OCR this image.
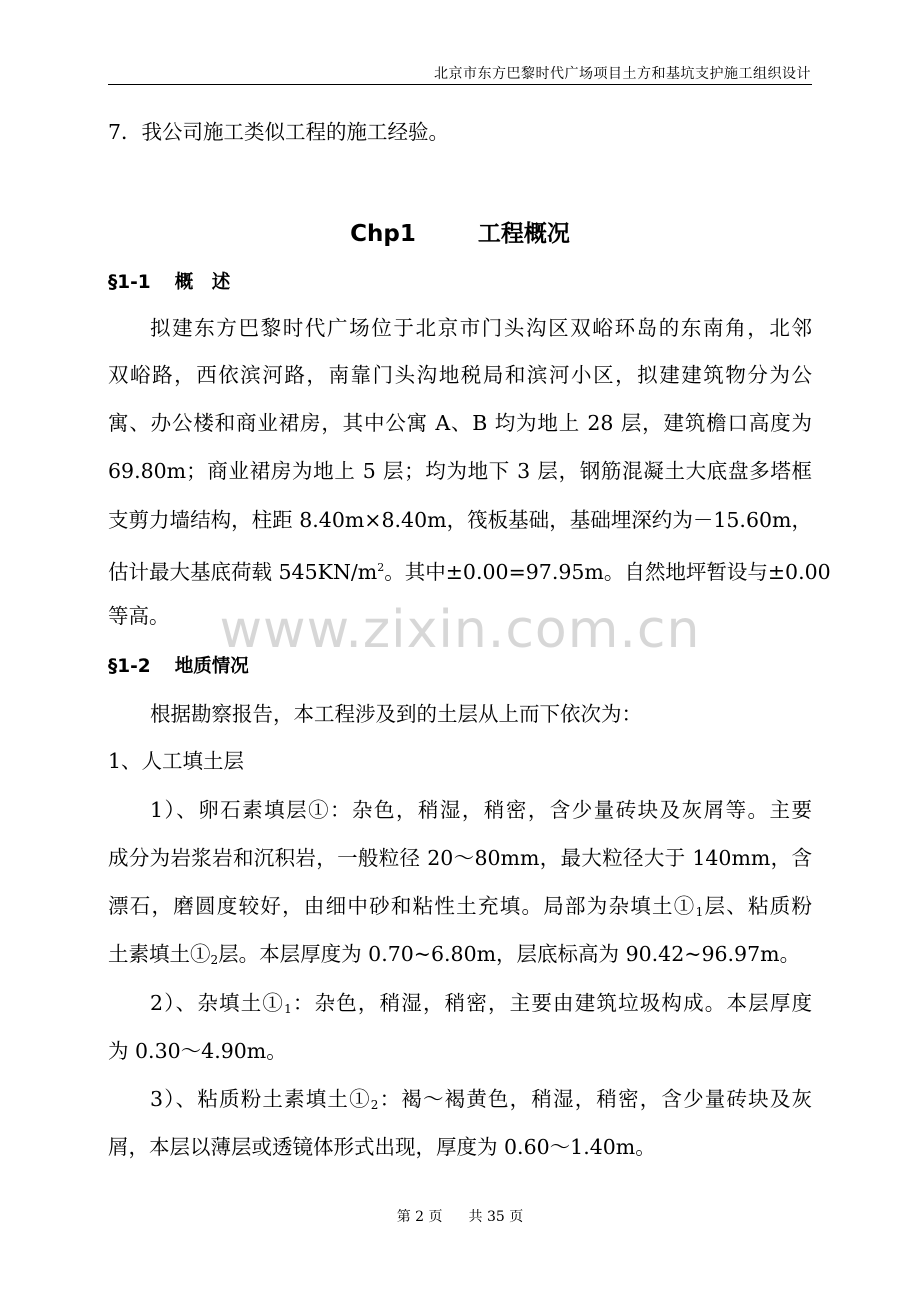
北京市东方巴黎时代广场项目土方和基坑支护施工组织设计
7．我公司施工类似工程的施工经验。
Chp1	工程概况
§1-1 概　述
拟建东方巴黎时代广场位于北京市门头沟区双峪环岛的东南角，北邻
双峪路，西依滨河路，南靠门头沟地税局和滨河小区，拟建建筑物分为公
寓、办公楼和商业裙房，其中公寓 A、B 均为地上 28 层，建筑檐口高度为
69.80m；商业裙房为地上 5 层；均为地下 3 层，钢筋混凝土大底盘多塔框
支剪力墙结构，柱距 8.40m×8.40m，筏板基础，基础埋深约为－15.60m，
估计最大基底荷载 $545KN/m^2$。其中±0.00=97.95m。自然地坪暂设与±0.00
等高。 www.zixin.com.cn
§1-2 地质情况
根据勘察报告，本工程涉及到的土层从上而下依次为：
1、人工填土层
1）、卵石素填层①：杂色，稍湿，稍密，含少量砖块及灰屑等。主要
成分为岩浆岩和沉积岩，一般粒径 20～80mm，最大粒径大于 140mm，含
漂石，磨圆度较好，由细中砂和粘性土充填。局部为杂填土$①_1$层、粘质粉
土素填土$①_2$层。本层厚度为 0.70~6.80m，层底标高为 90.42~96.97m。
2）、杂填土$①_1$：杂色，稍湿，稍密，主要由建筑垃圾构成。本层厚度
为 0.30～4.90m。
3）、粘质粉土素填土$①_2$：褐～褐黄色，稍湿，稍密，含少量砖块及灰
屑，本层以薄层或透镜体形式出现，厚度为 0.60～1.40m。
第 2 页 共 35 页
